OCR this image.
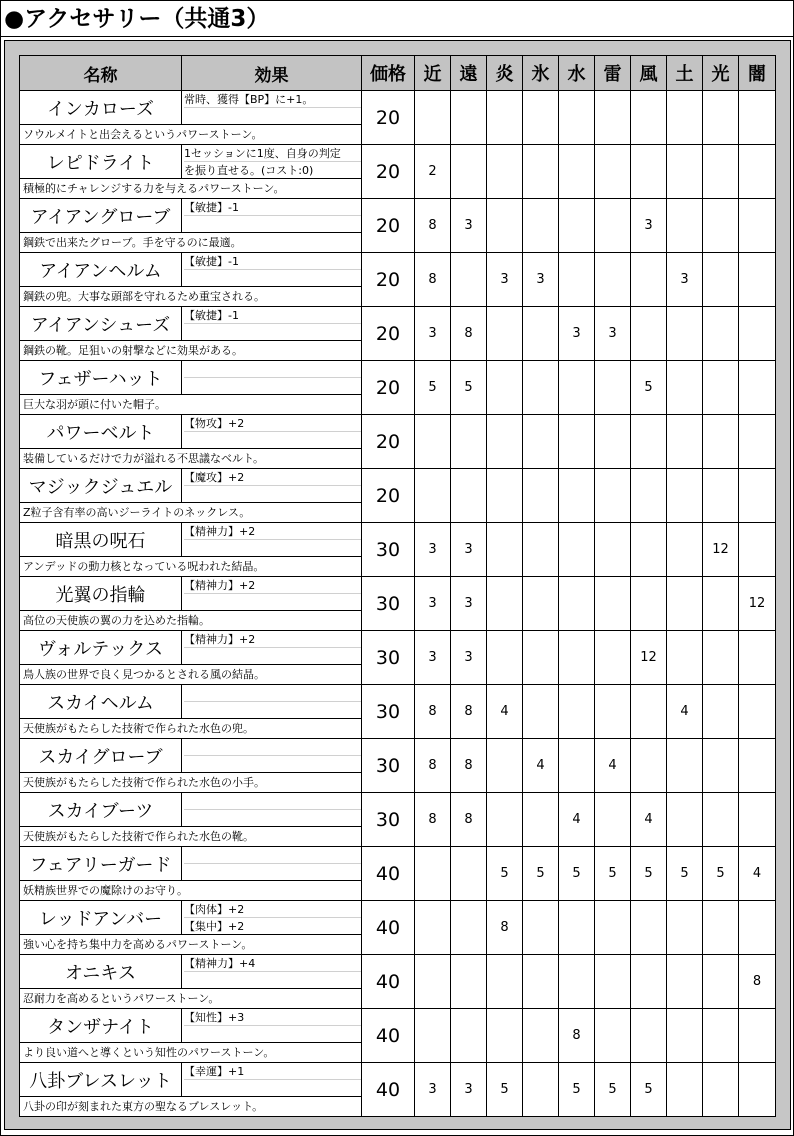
●アクセサリー（共通3）
名称	効果	価格	近	遠	炎	氷	水	雷	風	土	光	闇
インカローズ	常時、獲得【BP】に+1。	20										
ソウルメイトと出会えるというパワーストーン。												
レピドライト	1セッションに1度、自身の判定
を振り直せる。(コスト:0)	20	2									
積極的にチャレンジする力を与えるパワーストーン。												
アイアングローブ	【敏捷】-1	20	8	3					3			
鋼鉄で出来たグローブ。手を守るのに最適。												
アイアンヘルム	【敏捷】-1	20	8		3	3				3		
鋼鉄の兜。大事な頭部を守れるため重宝される。												
アイアンシューズ	【敏捷】-1	20	3	8			3	3				
鋼鉄の靴。足狙いの射撃などに効果がある。												
フェザーハット		20	5	5					5			
巨大な羽が頭に付いた帽子。												
パワーベルト	【物攻】+2	20										
装備しているだけで力が溢れる不思議なベルト。												
マジックジュエル	【魔攻】+2	20										
Z粒子含有率の高いジーライトのネックレス。												
暗黒の呪石	【精神力】+2	30	3	3							12	
アンデッドの動力核となっている呪われた結晶。												
光翼の指輪	【精神力】+2	30	3	3								12
高位の天使族の翼の力を込めた指輪。												
ヴォルテックス	【精神力】+2	30	3	3					12			
鳥人族の世界で良く見つかるとされる風の結晶。												
スカイヘルム		30	8	8	4					4		
天使族がもたらした技術で作られた水色の兜。												
スカイグローブ		30	8	8		4		4				
天使族がもたらした技術で作られた水色の小手。												
スカイブーツ		30	8	8			4		4			
天使族がもたらした技術で作られた水色の靴。												
フェアリーガード		40			5	5	5	5	5	5	5	4
妖精族世界での魔除けのお守り。												
レッドアンバー	【肉体】+2
【集中】+2	40			8							
強い心を持ち集中力を高めるパワーストーン。												
オニキス	【精神力】+4	40										8
忍耐力を高めるというパワーストーン。												
タンザナイト	【知性】+3	40					8					
より良い道へと導くという知性のパワーストーン。												
八卦ブレスレット	【幸運】+1	40	3	3	5		5	5	5			
八卦の印が刻まれた東方の聖なるブレスレット。												
